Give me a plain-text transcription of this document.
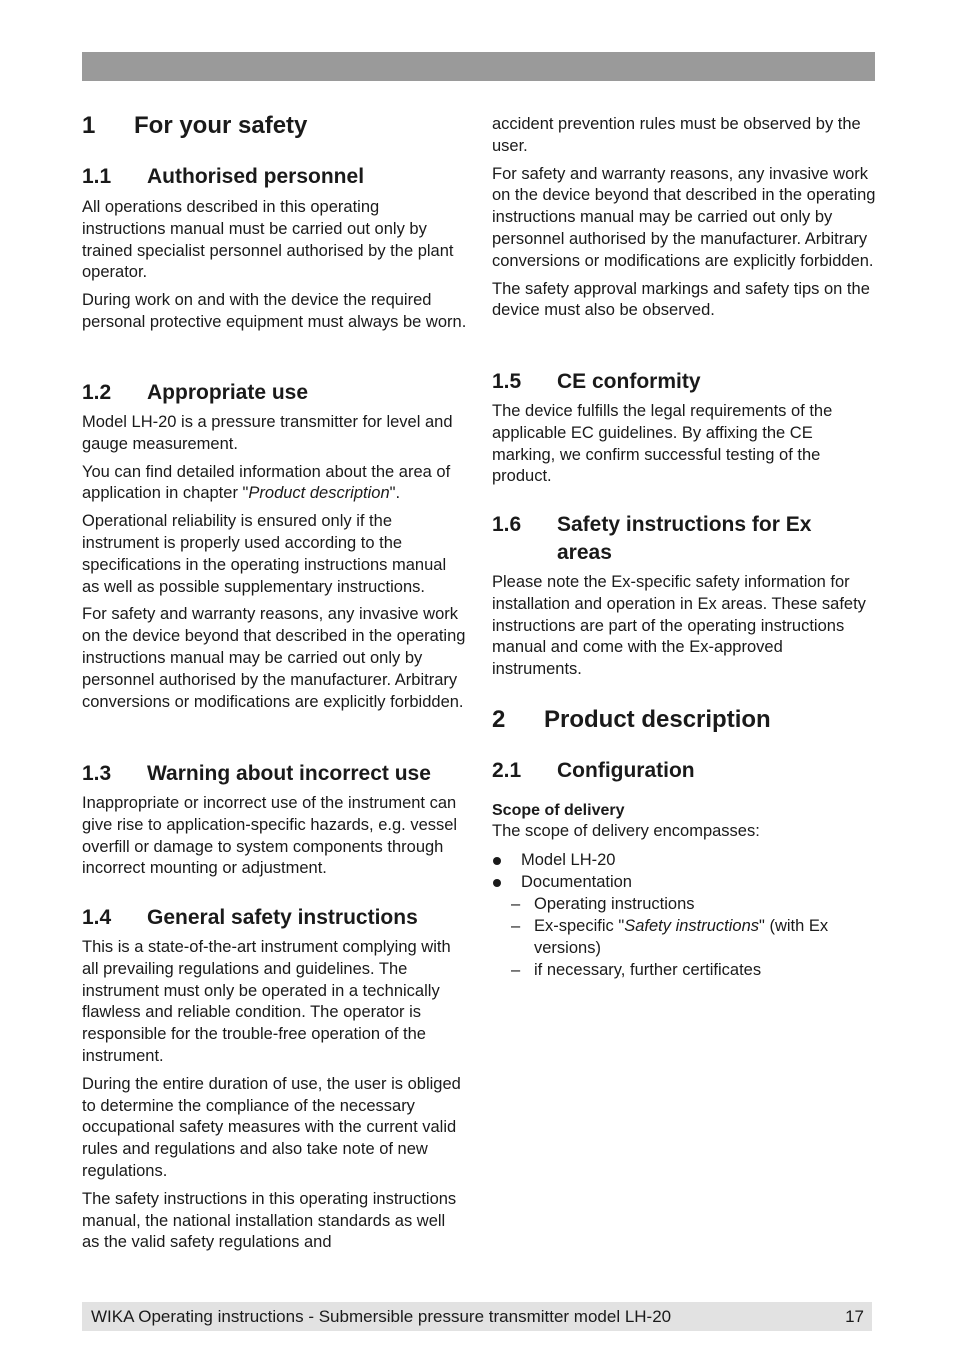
1 For your safety
1.1 Authorised personnel

All operations described in this operating instructions manual must be carried out only by trained specialist personnel authorised by the plant operator.

During work on and with the device the required personal protective equipment must always be worn.

1.2 Appropriate use

Model LH-20 is a pressure transmitter for level and gauge measurement.

You can find detailed information about the area of application in chapter "Product description".

Operational reliability is ensured only if the instrument is properly used according to the specifications in the operating instructions manual as well as possible supplementary instructions.

For safety and warranty reasons, any invasive work on the device beyond that described in the operating instructions manual may be carried out only by personnel authorised by the manufacturer. Arbitrary conversions or modifications are explicitly forbidden.

1.3 Warning about incorrect use

Inappropriate or incorrect use of the instrument can give rise to application-specific hazards, e.g. vessel overfill or damage to system components through incorrect mounting or adjustment.

1.4 General safety instructions

This is a state-of-the-art instrument complying with all prevailing regulations and guidelines. The instrument must only be operated in a technically flawless and reliable condition. The operator is responsible for the trouble-free operation of the instrument.

During the entire duration of use, the user is obliged to determine the compliance of the necessary occupational safety measures with the current valid rules and regulations and also take note of new regulations.

The safety instructions in this operating instructions manual, the national installation standards as well as the valid safety regulations and

accident prevention rules must be observed by the user.

For safety and warranty reasons, any invasive work on the device beyond that described in the operating instructions manual may be carried out only by personnel authorised by the manufacturer. Arbitrary conversions or modifications are explicitly forbidden.

The safety approval markings and safety tips on the device must also be observed.

1.5 CE conformity

The device fulfills the legal requirements of the applicable EC guidelines. By affixing the CE marking, we confirm successful testing of the product.

1.6	Safety instructions for Ex areas

Please note the Ex-specific safety information for installation and operation in Ex areas. These safety instructions are part of the operating instructions manual and come with the Ex-approved instruments.

2 Product description
2.1 Configuration
Scope of delivery

The scope of delivery encompasses:

Model LH-20
Documentation
– Operating instructions
– Ex-specific "Safety instructions" (with Ex versions)
– if necessary, further certificates
WIKA Operating instructions - Submersible pressure transmitter model LH-20	17
